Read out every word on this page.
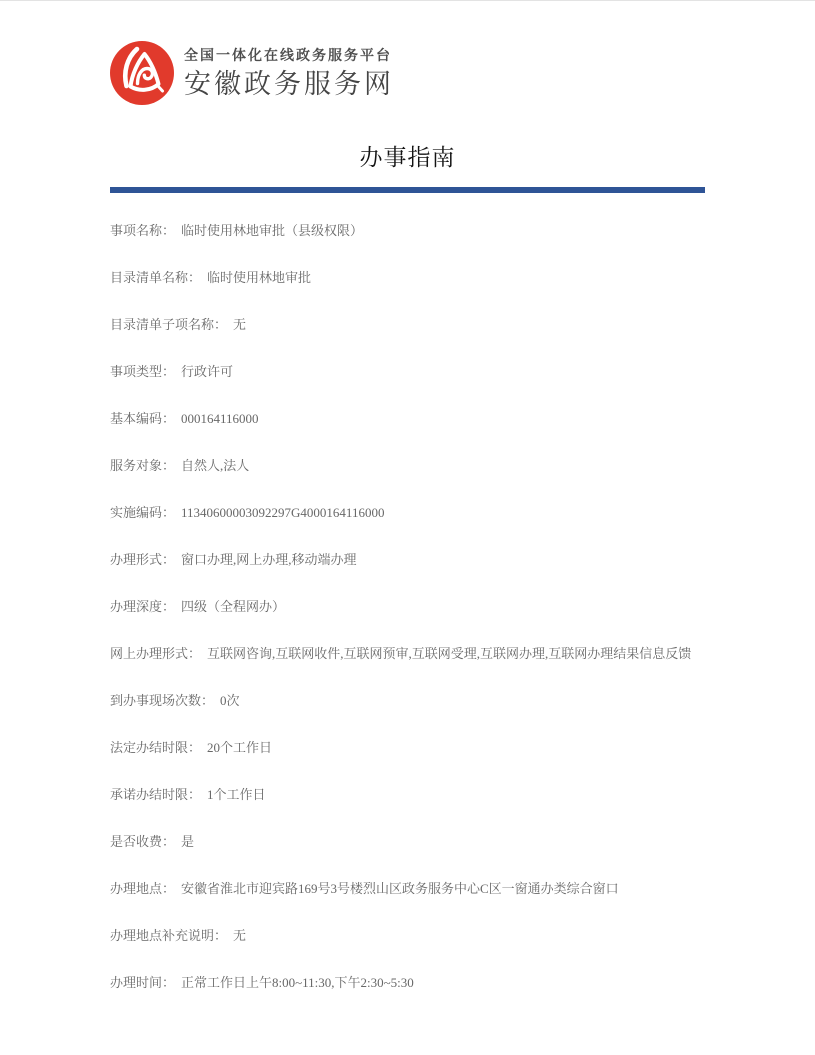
全国一体化在线政务服务平台
安徽政务服务网
办事指南
事项名称： 临时使用林地审批（县级权限）
目录清单名称： 临时使用林地审批
目录清单子项名称： 无
事项类型： 行政许可
基本编码： 000164116000
服务对象： 自然人,法人
实施编码： 11340600003092297G4000164116000
办理形式： 窗口办理,网上办理,移动端办理
办理深度： 四级（全程网办）
网上办理形式： 互联网咨询,互联网收件,互联网预审,互联网受理,互联网办理,互联网办理结果信息反馈
到办事现场次数： 0次
法定办结时限： 20个工作日
承诺办结时限： 1个工作日
是否收费： 是
办理地点： 安徽省淮北市迎宾路169号3号楼烈山区政务服务中心C区一窗通办类综合窗口
办理地点补充说明： 无
办理时间： 正常工作日上午8:00~11:30,下午2:30~5:30
